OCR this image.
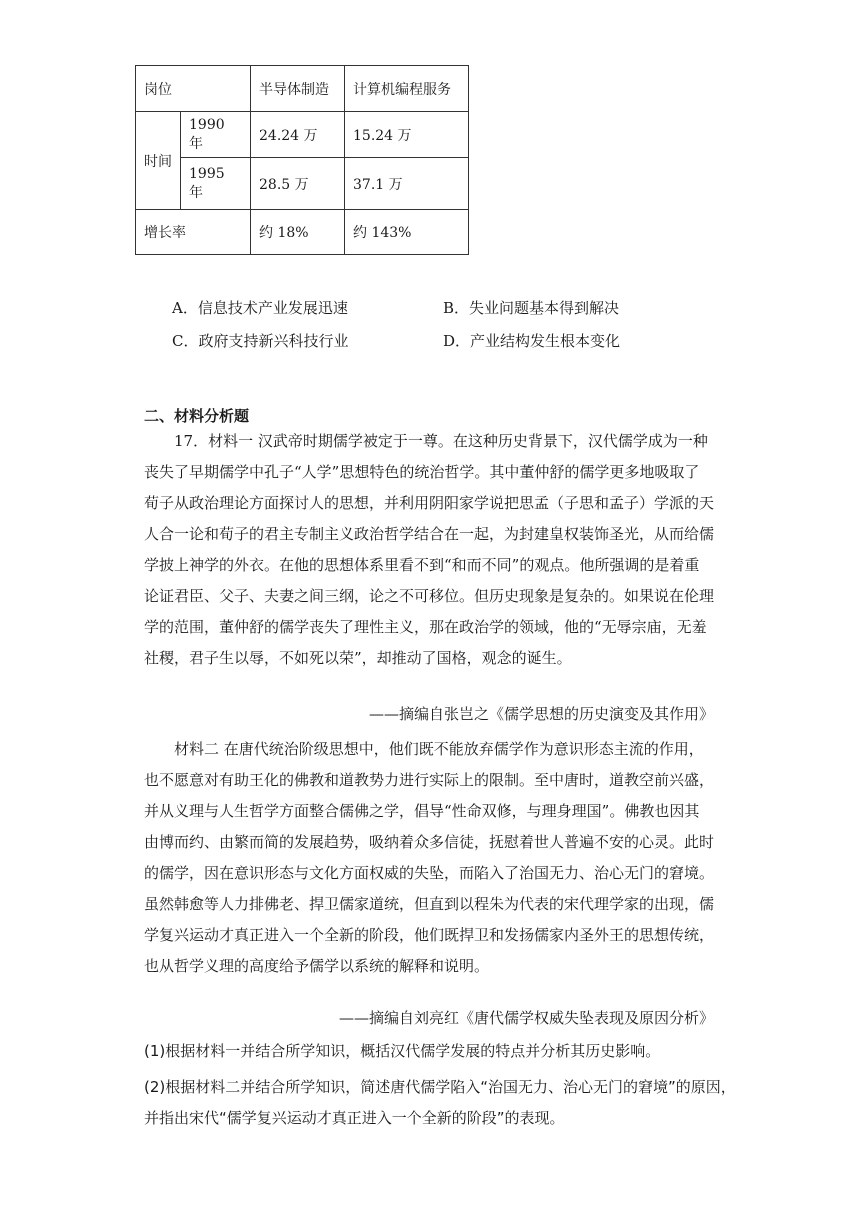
岗位		半导体制造	计算机编程服务
时间	1990 年	24.24 万	15.24 万
	1995 年	28.5 万	37.1 万
增长率		约 18%	约 143%
A．信息技术产业发展迅速	B．失业问题基本得到解决
C．政府支持新兴科技行业	D．产业结构发生根本变化
二、材料分析题
17．材料一 汉武帝时期儒学被定于一尊。在这种历史背景下，汉代儒学成为一种
丧失了早期儒学中孔子“人学”思想特色的统治哲学。其中董仲舒的儒学更多地吸取了
荀子从政治理论方面探讨人的思想，并利用阴阳家学说把思孟（子思和孟子）学派的天
人合一论和荀子的君主专制主义政治哲学结合在一起，为封建皇权装饰圣光，从而给儒
学披上神学的外衣。在他的思想体系里看不到“和而不同”的观点。他所强调的是着重
论证君臣、父子、夫妻之间三纲，论之不可移位。但历史现象是复杂的。如果说在伦理
学的范围，董仲舒的儒学丧失了理性主义，那在政治学的领域，他的“无辱宗庙，无羞
社稷，君子生以辱，不如死以荣”，却推动了国格，观念的诞生。
——摘编自张岂之《儒学思想的历史演变及其作用》
材料二 在唐代统治阶级思想中，他们既不能放弃儒学作为意识形态主流的作用，
也不愿意对有助王化的佛教和道教势力进行实际上的限制。至中唐时，道教空前兴盛，
并从义理与人生哲学方面整合儒佛之学，倡导“性命双修，与理身理国”。佛教也因其
由博而约、由繁而简的发展趋势，吸纳着众多信徒，抚慰着世人普遍不安的心灵。此时
的儒学，因在意识形态与文化方面权威的失坠，而陷入了治国无力、治心无门的窘境。
虽然韩愈等人力排佛老、捍卫儒家道统，但直到以程朱为代表的宋代理学家的出现，儒
学复兴运动才真正进入一个全新的阶段，他们既捍卫和发扬儒家内圣外王的思想传统，
也从哲学义理的高度给予儒学以系统的解释和说明。
——摘编自刘亮红《唐代儒学权威失坠表现及原因分析》
(1)根据材料一并结合所学知识，概括汉代儒学发展的特点并分析其历史影响。
(2)根据材料二并结合所学知识，简述唐代儒学陷入“治国无力、治心无门的窘境”的原因，
并指出宋代“儒学复兴运动才真正进入一个全新的阶段”的表现。
